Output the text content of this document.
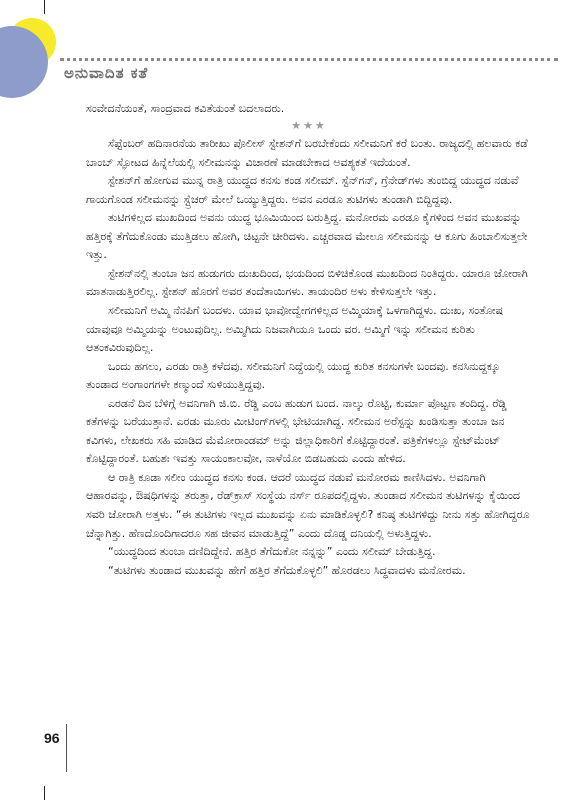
ಅನುವಾದಿತ ಕತೆ

ಸಂವೇದನೆಯಂತೆ, ಸಾಂದ್ರವಾದ ಕವಿತೆಯಂತೆ ಬದಲಾದರು.

★★★

ಸೆಪ್ಟೆಂಬರ್ ಹದಿನಾರನೆಯ ತಾರೀಖು ಪೊಲೀಸ್ ಸ್ಟೇಶನ್‌ಗೆ ಬರಬೇಕೆಂದು ಸಲೀಮನಿಗೆ ಕರೆ ಬಂತು. ರಾಜ್ಯದಲ್ಲಿ ಹಲವಾರು ಕಡೆ ಬಾಂಬ್ ಸ್ಫೋಟದ ಹಿನ್ನೆಲೆಯಲ್ಲಿ ಸಲೀಮನನ್ನು ವಿಚಾರಣೆ ಮಾಡಬೇಕಾದ ಅವಶ್ಯಕತೆ ಇದೆಯಂತೆ.

ಸ್ಟೇಶನ್‌ಗೆ ಹೋಗುವ ಮುನ್ನ ರಾತ್ರಿ ಯುದ್ಧದ ಕನಸು ಕಂಡ ಸಲೀಮ್. ಸ್ಟೆನ್‌ಗನ್, ಗ್ರೆನೇಡ್‌ಗಳು ತುಂಬಿದ್ದ ಯುದ್ಧದ ನಡುವೆ ಗಾಯಗೊಂಡ ಸಲೀಮನನ್ನು ಸ್ಟ್ರೆಚರ್ ಮೇಲೆ ಒಯ್ಯುತ್ತಿದ್ದರು. ಅವನ ಎರಡೂ ತುಟಿಗಳು ತುಂಡಾಗಿ ಬಿದ್ದಿದ್ದವು.

ತುಟಿಗಳಿಲ್ಲದ ಮುಖದಿಂದ ಅವನು ಯುದ್ಧ ಭೂಮಿಯಿಂದ ಬರುತ್ತಿದ್ದ. ಮನೋರಮ ಎರಡೂ ಕೈಗಳಿಂದ ಅವನ ಮುಖವನ್ನು ಹತ್ತಿರಕ್ಕೆ ತೆಗೆದುಕೊಂಡು ಮುತ್ತಿಡಲು ಹೋಗಿ, ಚಿಟ್ಟನೇ ಚೀರಿದಳು. ಎಚ್ಚರವಾದ ಮೇಲೂ ಸಲೀಮನನ್ನು ಆ ಕೂಗು ಹಿಂಬಾಲಿಸುತ್ತಲೇ ಇತ್ತು.

ಸ್ಟೇಶನ್‌ನಲ್ಲಿ ತುಂಬಾ ಜನ ಹುಡುಗರು ದುಃಖದಿಂದ, ಭಯದಿಂದ ಬಿಳಿಚಿಕೊಂಡ ಮುಖದಿಂದ ನಿಂತಿದ್ದರು. ಯಾರೂ ಜೋರಾಗಿ ಮಾತನಾಡುತ್ತಿರಲಿಲ್ಲ. ಸ್ಟೇಶನ್ ಹೊರಗೆ ಅವರ ತಂದೆತಾಯಿಗಳು. ತಾಯಂದಿರ ಅಳು ಕೇಳಿಸುತ್ತಲೇ ಇತ್ತು.

ಸಲೀಮನಿಗೆ ಅಮ್ಮಿ ನೆನಪಿಗೆ ಬಂದಳು. ಯಾವ ಭಾವೋದ್ವೇಗಗಳಿಲ್ಲದ ಅಮ್ಮಿಯಾಕ್ಕೆ ಒಳಗಾಗಿದ್ದಳು. ದುಃಖ, ಸಂತೋಷ ಯಾವುವೂ ಅಮ್ಮಿಯನ್ನು ಅಂಟುವುದಿಲ್ಲ. ಅಮ್ಮಿಗಿದು ನಿಜವಾಗಿಯೂ ಒಂದು ವರ. ಅಮ್ಮಿಗೆ ಇನ್ನು ಸಲೀಮನ ಕುರಿತು ಆತಂಕವಿರುವುದಿಲ್ಲ.

ಒಂದು ಹಗಲು, ಎರಡು ರಾತ್ರಿ ಕಳೆದವು. ಸಲೀಮನಿಗೆ ನಿದ್ದೆಯಲ್ಲಿ ಯುದ್ಧ ಕುರಿತ ಕನಸುಗಳೇ ಬಂದವು. ಕನಸಿನುದ್ದಕ್ಕೂ ತುಂಡಾದ ಅಂಗಾಂಗಗಳೇ ಕಣ್ಮುಂದೆ ಸುಳಿಯುತ್ತಿದ್ದವು.

ಎರಡನೆ ದಿನ ಬೆಳಿಗ್ಗೆ ಅವನಿಗಾಗಿ ಜಿ.ಬಿ. ರೆಡ್ಡಿ ಎಂಬ ಹುಡುಗ ಬಂದ. ನಾಲ್ಕು ರೊಟ್ಟಿ, ಕುರ್ಮಾ ಪೊಟ್ಟಣ ತಂದಿದ್ದ. ರೆಡ್ಡಿ ಕತೆಗಳನ್ನು ಬರೆಯುತ್ತಾನೆ. ಎರಡು ಮೂರು ಮೀಟಿಂಗ್‌ಗಳಲ್ಲಿ ಭೇಟಿಯಾಗಿದ್ದ. ಸಲೀಮನ ಅರೆಸ್ಟನ್ನು ಖಂಡಿಸುತ್ತಾ ತುಂಬಾ ಜನ ಕವಿಗಳು, ಲೇಖಕರು ಸಹಿ ಮಾಡಿದ ಮೆಮೋರಾಂಡಮ್ ಅನ್ನು ಜಿಲ್ಲಾಧಿಕಾರಿಗೆ ಕೊಟ್ಟಿದ್ದಾರಂತೆ. ಪತ್ರಿಕೆಗಳಲ್ಲೂ ಸ್ಟೇಟ್‌ಮೆಂಟ್ ಕೊಟ್ಟಿದ್ದಾರಂತೆ. ಬಹುಶಃ ಇವತ್ತು ಸಾಯಂಕಾಲವೋ, ನಾಳೆಯೋ ಬಿಡಬಹುದು ಎಂದು ಹೇಳಿದ.

ಆ ರಾತ್ರಿ ಕೂಡಾ ಸಲೀಂ ಯುದ್ಧದ ಕನಸು ಕಂಡ. ಆದರೆ ಯುದ್ಧದ ನಡುವೆ ಮನೋರಮ ಕಾಣಿಸಿದಳು. ಅವನಿಗಾಗಿ ಆಹಾರವನ್ನು, ಔಷಧಿಗಳನ್ನು ತರುತ್ತಾ, ರೆಡ್‌ಕ್ರಾಸ್ ಸಂಸ್ಥೆಯ ನರ್ಸ್ ರೂಪದಲ್ಲಿದ್ದಳು. ತುಂಡಾದ ಸಲೀಮನ ತುಟಿಗಳನ್ನು ಕೈಯಿಂದ ಸವರಿ ಜೋರಾಗಿ ಅತ್ತಳು. “ಈ ತುಟಿಗಳು ಇಲ್ಲದ ಮುಖವನ್ನು ಏನು ಮಾಡಿಕೊಳ್ಳಲಿ? ಕನಿಷ್ಠ ತುಟಿಗಳಿದ್ದು ನೀನು ಸತ್ತು ಹೋಗಿದ್ದರೂ ಚೆನ್ನಾಗಿತ್ತು. ಹೆಣದೊಂದಿಗಾದರೂ ಸಹ ಜೀವನ ಮಾಡುತ್ತಿದ್ದೆ” ಎಂದು ದೊಡ್ಡ ದನಿಯಲ್ಲಿ ಅಳುತ್ತಿದ್ದಳು.

“ಯುದ್ಧದಿಂದ ತುಂಬಾ ದಣಿದಿದ್ದೇನೆ. ಹತ್ತಿರ ತೆಗೆದುಕೋ ನನ್ನನ್ನು” ಎಂದು ಸಲೀಮ್ ಬೇಡುತ್ತಿದ್ದ.

“ತುಟಿಗಳು ತುಂಡಾದ ಮುಖವನ್ನು ಹೇಗೆ ಹತ್ತಿರ ತೆಗೆದುಕೊಳ್ಳಲಿ” ಹೊರಡಲು ಸಿದ್ಧವಾದಳು ಮನೋರಮ.

96
